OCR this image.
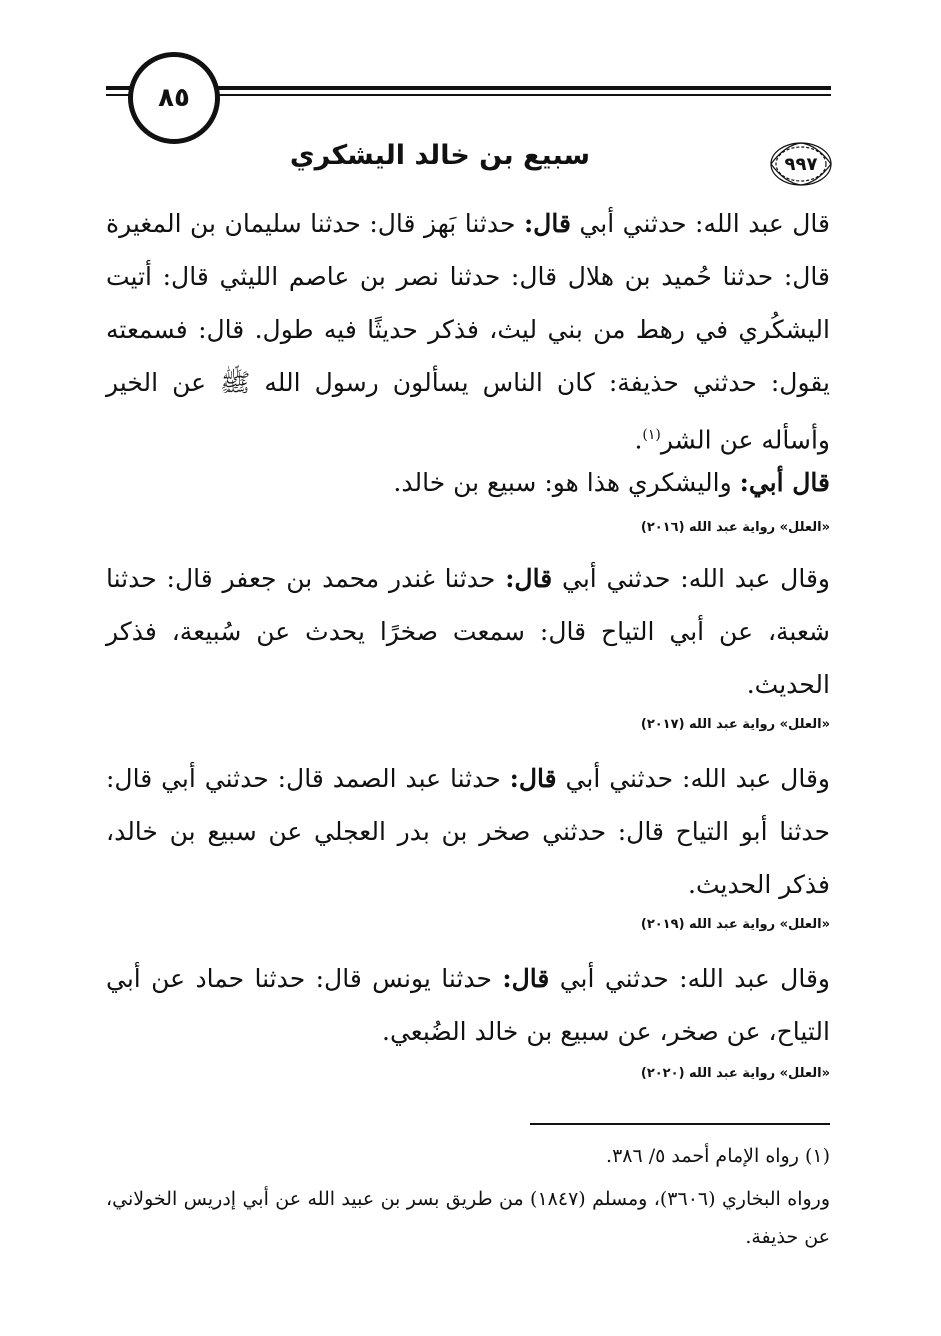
٨٥
٩٩٧
سبيع بن خالد اليشكري

قال عبد الله: حدثني أبي قال: حدثنا بَهز قال: حدثنا سليمان بن المغيرة قال: حدثنا حُميد بن هلال قال: حدثنا نصر بن عاصم الليثي قال: أتيت اليشكُري في رهط من بني ليث، فذكر حديثًا فيه طول. قال: فسمعته يقول: حدثني حذيفة: كان الناس يسألون رسول الله ﷺ عن الخير وأسأله عن الشر$^{(١)}$.

قال أبي: واليشكري هذا هو: سبيع بن خالد.

«العلل» رواية عبد الله (٢٠١٦)

وقال عبد الله: حدثني أبي قال: حدثنا غندر محمد بن جعفر قال: حدثنا شعبة، عن أبي التياح قال: سمعت صخرًا يحدث عن سُبيعة، فذكر الحديث.

«العلل» رواية عبد الله (٢٠١٧)

وقال عبد الله: حدثني أبي قال: حدثنا عبد الصمد قال: حدثني أبي قال: حدثنا أبو التياح قال: حدثني صخر بن بدر العجلي عن سبيع بن خالد، فذكر الحديث.

«العلل» رواية عبد الله (٢٠١٩)

وقال عبد الله: حدثني أبي قال: حدثنا يونس قال: حدثنا حماد عن أبي التياح، عن صخر، عن سبيع بن خالد الضُبعي.

«العلل» رواية عبد الله (٢٠٢٠)

(١) رواه الإمام أحمد ٥/ ٣٨٦.

ورواه البخاري (٣٦٠٦)، ومسلم (١٨٤٧) من طريق بسر بن عبيد الله عن أبي إدريس الخولاني، عن حذيفة.
